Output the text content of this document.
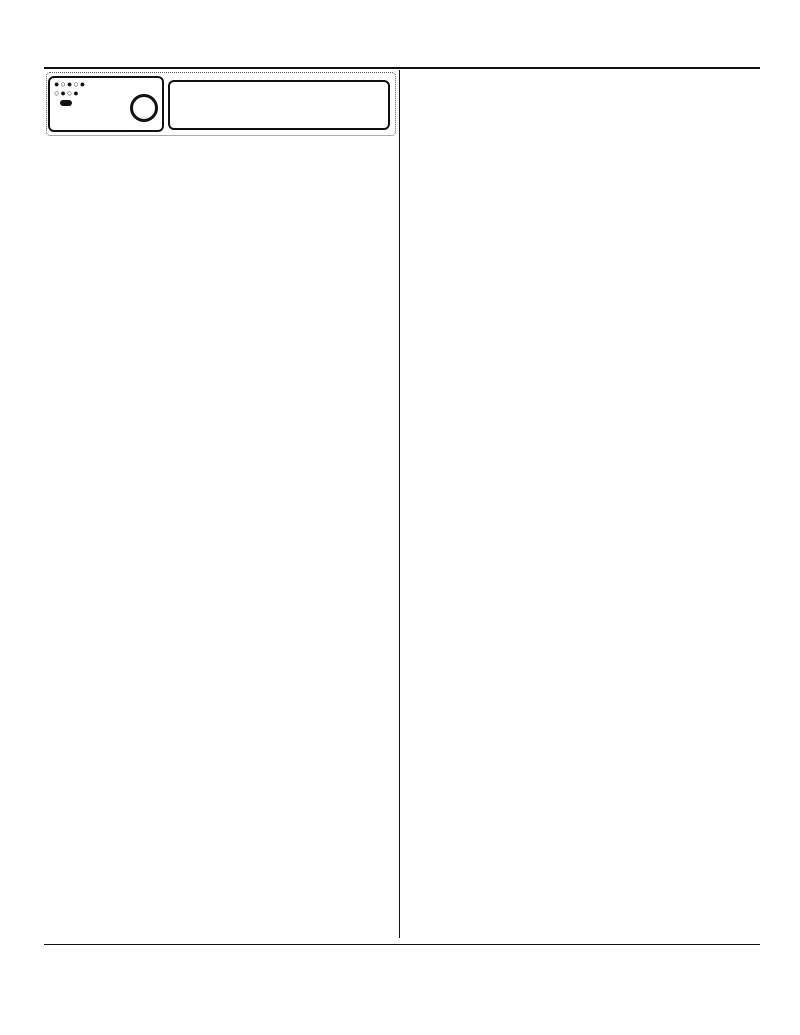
●○●○●
○●○●
